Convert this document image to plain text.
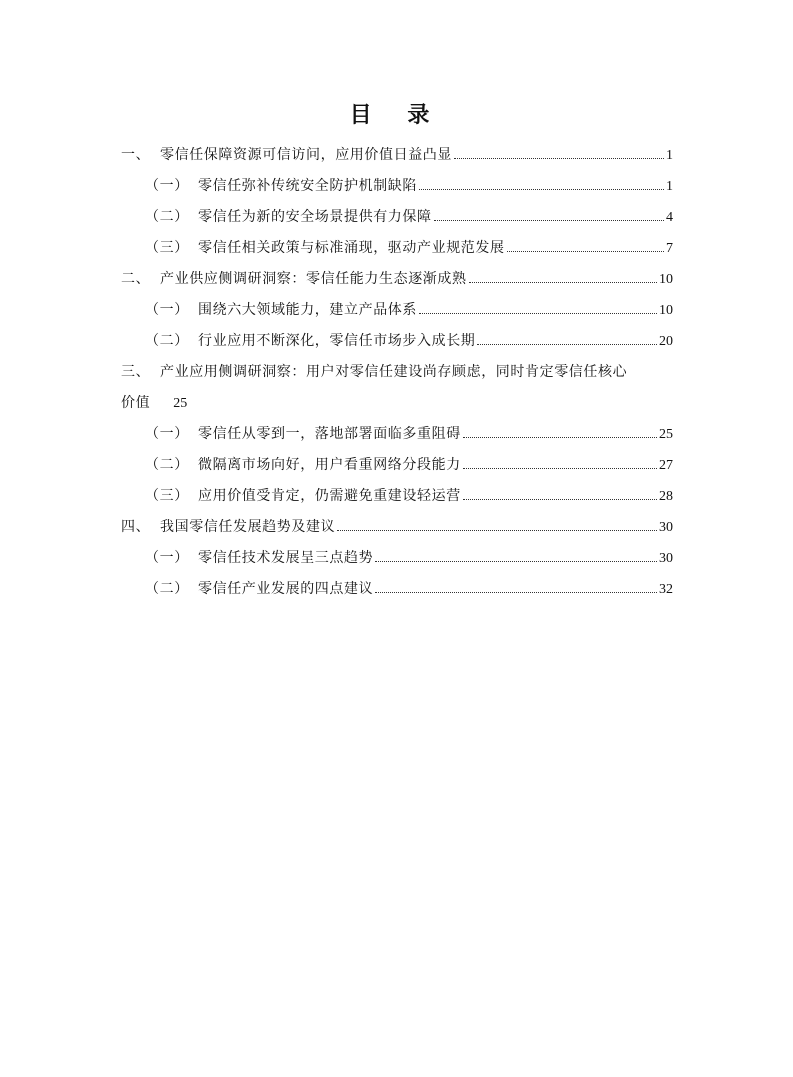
目 录
一、 零信任保障资源可信访问，应用价值日益凸显	1
（一） 零信任弥补传统安全防护机制缺陷	1
（二） 零信任为新的安全场景提供有力保障	4
（三） 零信任相关政策与标准涌现，驱动产业规范发展	7
二、 产业供应侧调研洞察：零信任能力生态逐渐成熟	10
（一） 围绕六大领域能力，建立产品体系	10
（二） 行业应用不断深化，零信任市场步入成长期	20
三、 产业应用侧调研洞察：用户对零信任建设尚存顾虑，同时肯定零信任核心
价值 25
（一） 零信任从零到一，落地部署面临多重阻碍	25
（二） 微隔离市场向好，用户看重网络分段能力	27
（三） 应用价值受肯定，仍需避免重建设轻运营	28
四、 我国零信任发展趋势及建议	30
（一） 零信任技术发展呈三点趋势	30
（二） 零信任产业发展的四点建议	32
